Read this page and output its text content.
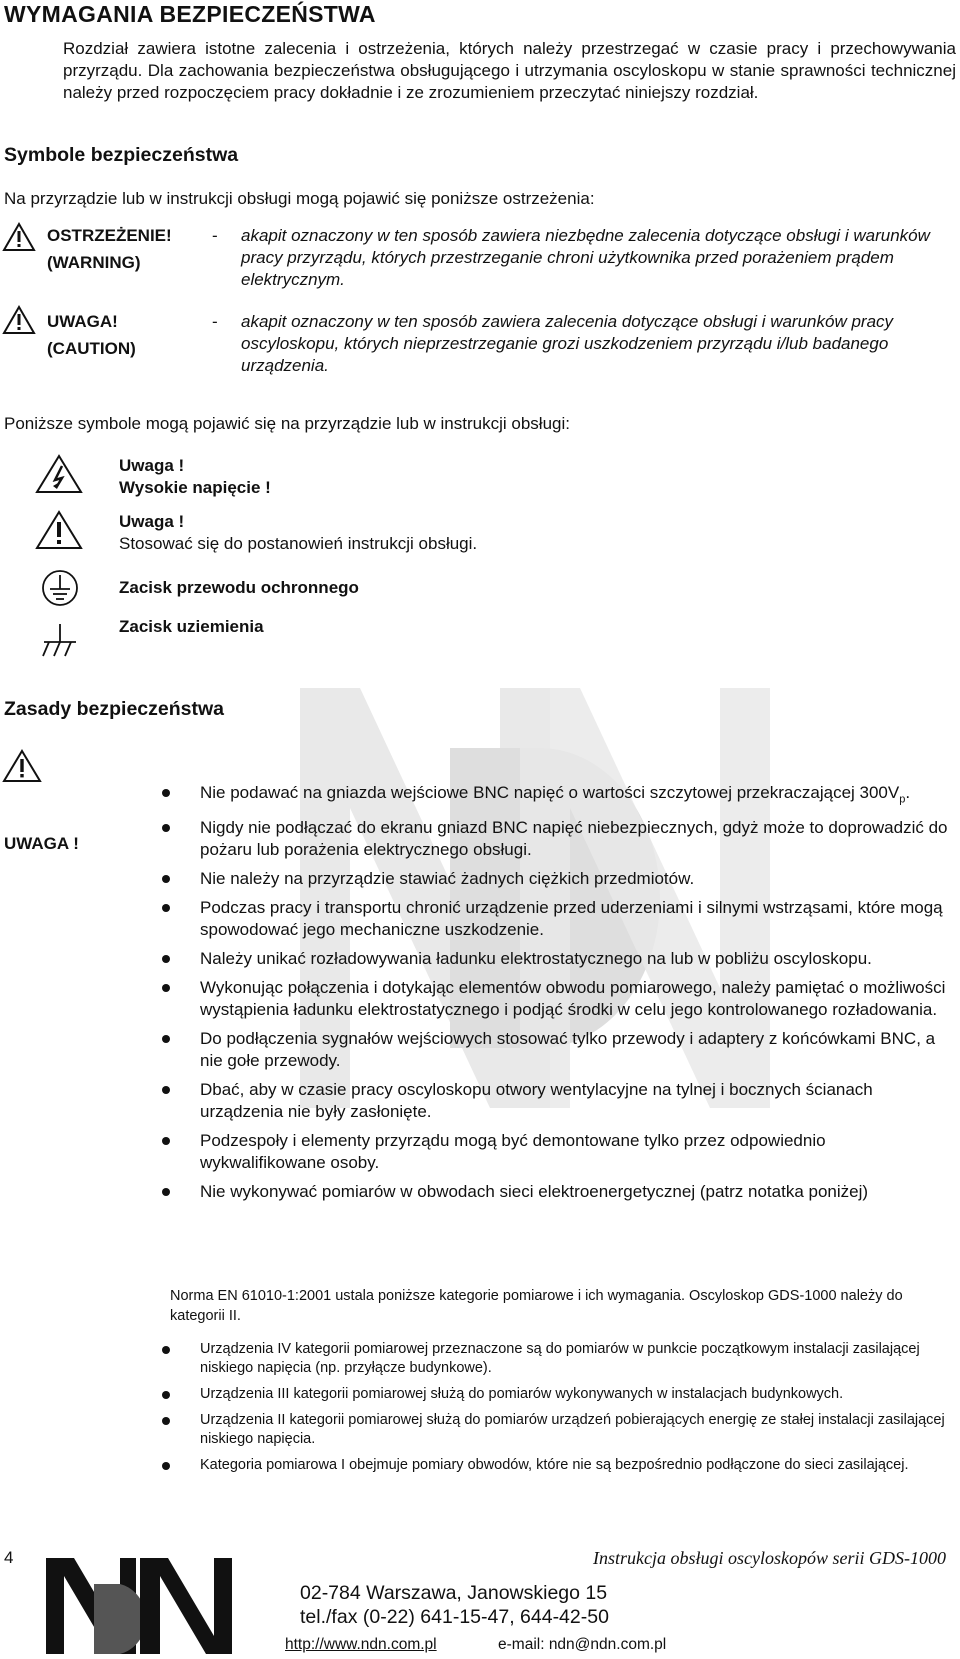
WYMAGANIA BEZPIECZEŃSTWA

Rozdział zawiera istotne zalecenia i ostrzeżenia, których należy przestrzegać w czasie pracy i przechowywania przyrządu. Dla zachowania bezpieczeństwa obsługującego i utrzymania oscyloskopu w stanie sprawności technicznej należy przed rozpoczęciem pracy dokładnie i ze zrozumieniem przeczytać niniejszy rozdział.

Symbole bezpieczeństwa

Na przyrządzie lub w instrukcji obsługi mogą pojawić się poniższe ostrzeżenia:

OSTRZEŻENIE!
(WARNING)
- akapit oznaczony w ten sposób zawiera niezbędne zalecenia dotyczące obsługi i warunków pracy przyrządu, których przestrzeganie chroni użytkownika przed porażeniem prądem elektrycznym.

UWAGA!
(CAUTION)
- akapit oznaczony w ten sposób zawiera zalecenia dotyczące obsługi i warunków pracy oscyloskopu, których nieprzestrzeganie grozi uszkodzeniem przyrządu i/lub badanego urządzenia.

Poniższe symbole mogą pojawić się na przyrządzie lub w instrukcji obsługi:

Uwaga !
Wysokie napięcie !
Uwaga !
Stosować się do postanowień instrukcji obsługi.
Zacisk przewodu ochronnego
Zacisk uziemienia
Zasady bezpieczeństwa
UWAGA !
Nie podawać na gniazda wejściowe BNC napięć o wartości szczytowej przekraczającej $300V_p$.
Nigdy nie podłączać do ekranu gniazd BNC napięć niebezpiecznych, gdyż może to doprowadzić do pożaru lub porażenia elektrycznego obsługi.
Nie należy na przyrządzie stawiać żadnych ciężkich przedmiotów.
Podczas pracy i transportu chronić urządzenie przed uderzeniami i silnymi wstrząsami, które mogą spowodować jego mechaniczne uszkodzenie.
Należy unikać rozładowywania ładunku elektrostatycznego na lub w pobliżu oscyloskopu.
Wykonując połączenia i dotykając elementów obwodu pomiarowego, należy pamiętać o możliwości wystąpienia ładunku elektrostatycznego i podjąć środki w celu jego kontrolowanego rozładowania.
Do podłączenia sygnałów wejściowych stosować tylko przewody i adaptery z końcówkami BNC, a nie gołe przewody.
Dbać, aby w czasie pracy oscyloskopu otwory wentylacyjne na tylnej i bocznych ścianach urządzenia nie były zasłonięte.
Podzespoły i elementy przyrządu mogą być demontowane tylko przez odpowiednio wykwalifikowane osoby.
Nie wykonywać pomiarów w obwodach sieci elektroenergetycznej (patrz notatka poniżej)

Norma EN 61010-1:2001 ustala poniższe kategorie pomiarowe i ich wymagania. Oscyloskop GDS-1000 należy do kategorii II.

Urządzenia IV kategorii pomiarowej przeznaczone są do pomiarów w punkcie początkowym instalacji zasilającej niskiego napięcia (np. przyłącze budynkowe).
Urządzenia III kategorii pomiarowej służą do pomiarów wykonywanych w instalacjach budynkowych.
Urządzenia II kategorii pomiarowej służą do pomiarów urządzeń pobierających energię ze stałej instalacji zasilającej niskiego napięcia.
Kategoria pomiarowa I obejmuje pomiary obwodów, które nie są bezpośrednio podłączone do sieci zasilającej.
4	Instrukcja obsługi oscyloskopów serii GDS-1000
02-784 Warszawa, Janowskiego 15
tel./fax (0-22) 641-15-47, 644-42-50
http://www.ndn.com.pl	e-mail: ndn@ndn.com.pl
